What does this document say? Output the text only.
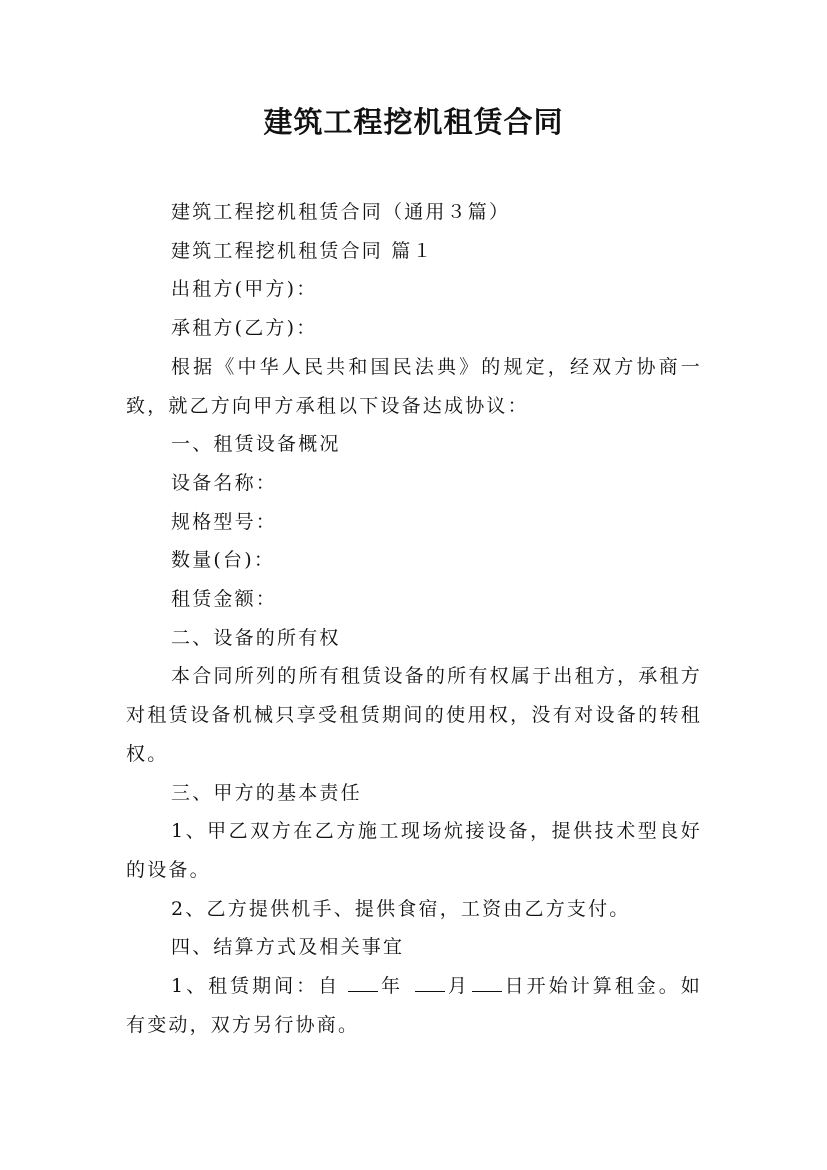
建筑工程挖机租赁合同

建筑工程挖机租赁合同（通用３篇）

建筑工程挖机租赁合同 篇１

出租方(甲方)：

承租方(乙方)：

根据《中华人民共和国民法典》的规定，经双方协商一致，就乙方向甲方承租以下设备达成协议：

一、租赁设备概况

设备名称：

规格型号：

数量(台)：

租赁金额：

二、设备的所有权

本合同所列的所有租赁设备的所有权属于出租方，承租方对租赁设备机械只享受租赁期间的使用权，没有对设备的转租权。

三、甲方的基本责任

1、甲乙双方在乙方施工现场炕接设备，提供技术型良好的设备。

2、乙方提供机手、提供食宿，工资由乙方支付。

四、结算方式及相关事宜

1、租赁期间：自 年 月 日开始计算租金。如有变动，双方另行协商。
